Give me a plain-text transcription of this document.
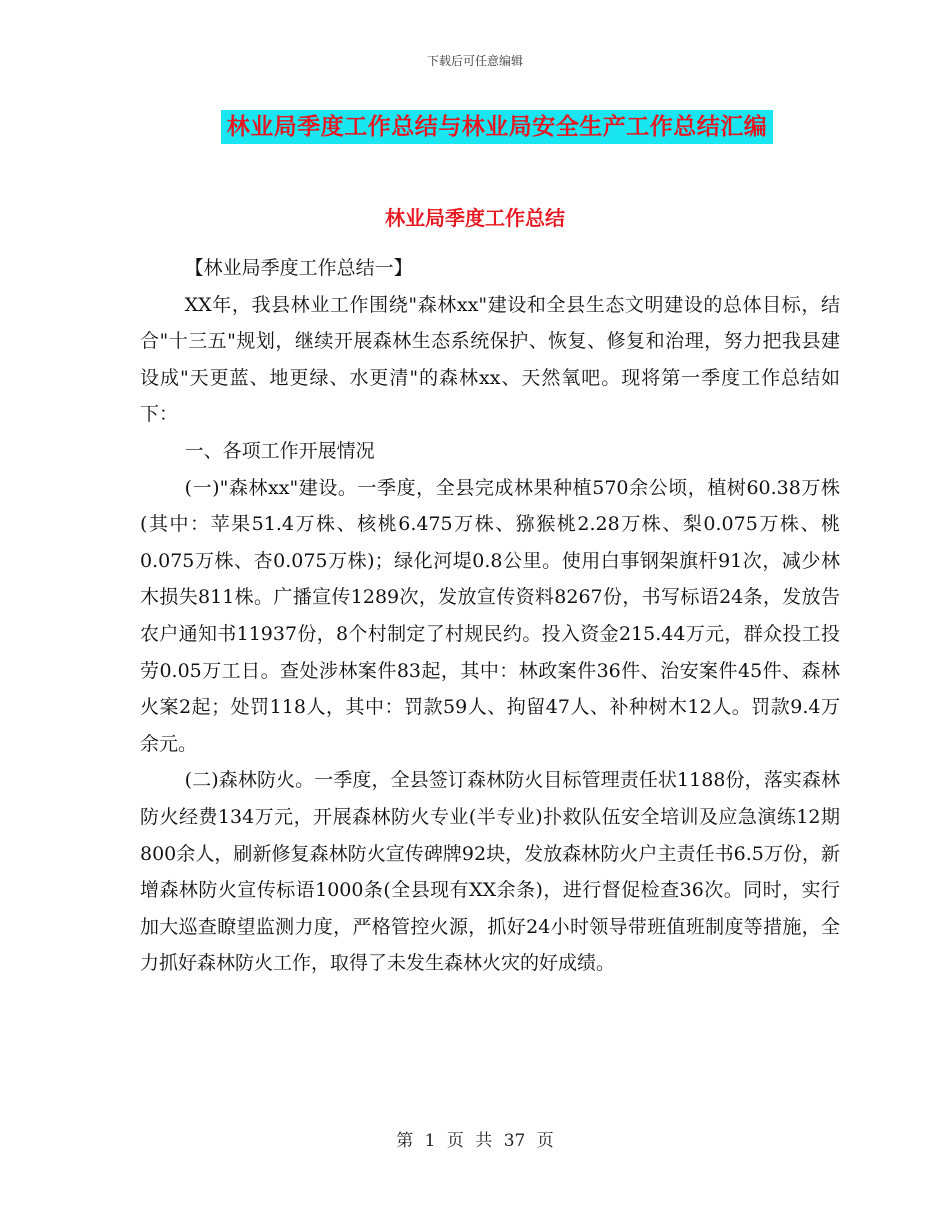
下载后可任意编辑
林业局季度工作总结与林业局安全生产工作总结汇编
林业局季度工作总结

【林业局季度工作总结一】

XX年，我县林业工作围绕"森林xx"建设和全县生态文明建设的总体目标，结合"十三五"规划，继续开展森林生态系统保护、恢复、修复和治理，努力把我县建设成"天更蓝、地更绿、水更清"的森林xx、天然氧吧。现将第一季度工作总结如下：

一、各项工作开展情况

(一)"森林xx"建设。一季度，全县完成林果种植570余公顷，植树60.38万株(其中：苹果51.4万株、核桃6.475万株、猕猴桃2.28万株、梨0.075万株、桃0.075万株、杏0.075万株)；绿化河堤0.8公里。使用白事钢架旗杆91次，减少林木损失811株。广播宣传1289次，发放宣传资料8267份，书写标语24条，发放告农户通知书11937份，8个村制定了村规民约。投入资金215.44万元，群众投工投劳0.05万工日。查处涉林案件83起，其中：林政案件36件、治安案件45件、森林火案2起；处罚118人，其中：罚款59人、拘留47人、补种树木12人。罚款9.4万余元。

(二)森林防火。一季度，全县签订森林防火目标管理责任状1188份，落实森林防火经费134万元，开展森林防火专业(半专业)扑救队伍安全培训及应急演练12期800余人，刷新修复森林防火宣传碑牌92块，发放森林防火户主责任书6.5万份，新增森林防火宣传标语1000条(全县现有XX余条)，进行督促检查36次。同时，实行加大巡查瞭望监测力度，严格管控火源，抓好24小时领导带班值班制度等措施，全力抓好森林防火工作，取得了未发生森林火灾的好成绩。

第 1 页 共 37 页
